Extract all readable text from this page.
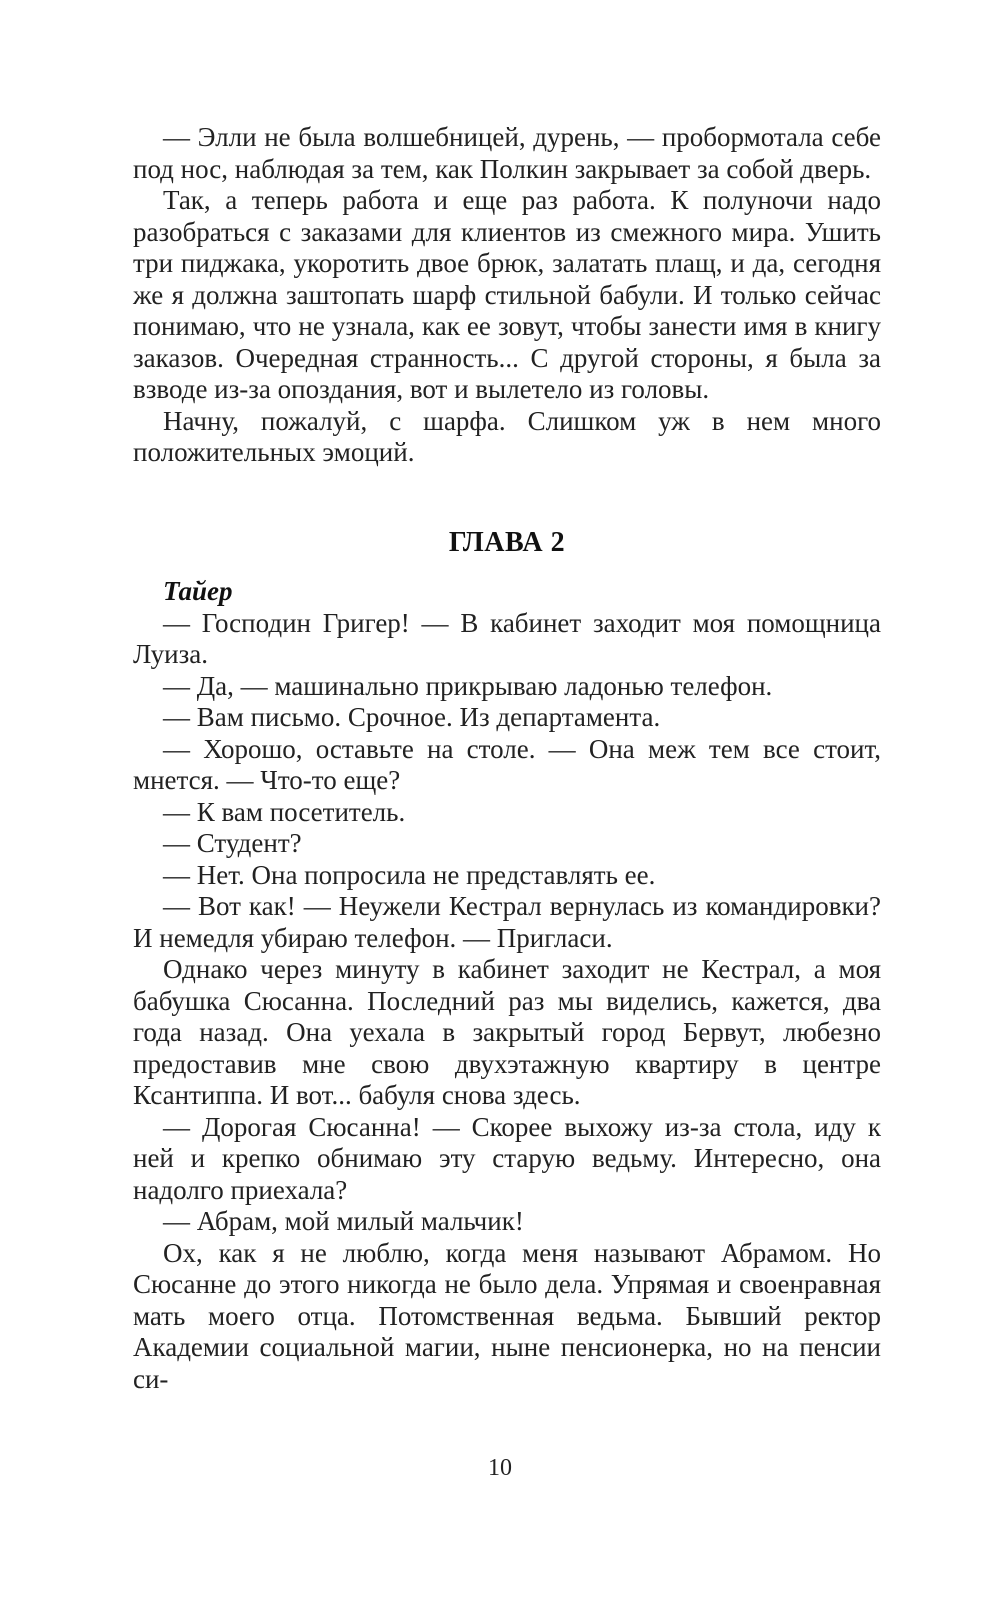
— Элли не была волшебницей, дурень, — пробормотала себе под нос, наблюдая за тем, как Полкин закрывает за собой дверь.

Так, а теперь работа и еще раз работа. К полуночи надо разобраться с заказами для клиентов из смежного мира. Ушить три пиджака, укоротить двое брюк, залатать плащ, и да, сегодня же я должна заштопать шарф стильной бабули. И только сейчас понимаю, что не узнала, как ее зовут, чтобы занести имя в книгу заказов. Очередная странность... С другой стороны, я была за взводе из-за опоздания, вот и вылетело из головы.

Начну, пожалуй, с шарфа. Слишком уж в нем много положительных эмоций.

ГЛАВА 2

Тайер

— Господин Григер! — В кабинет заходит моя помощница Луиза.

— Да, — машинально прикрываю ладонью телефон.

— Вам письмо. Срочное. Из департамента.

— Хорошо, оставьте на столе. — Она меж тем все стоит, мнется. — Что-то еще?

— К вам посетитель.

— Студент?

— Нет. Она попросила не представлять ее.

— Вот как! — Неужели Кестрал вернулась из командировки? И немедля убираю телефон. — Пригласи.

Однако через минуту в кабинет заходит не Кестрал, а моя бабушка Сюсанна. Последний раз мы виделись, кажется, два года назад. Она уехала в закрытый город Бервут, любезно предоставив мне свою двухэтажную квартиру в центре Ксантиппа. И вот... бабуля снова здесь.

— Дорогая Сюсанна! — Скорее выхожу из-за стола, иду к ней и крепко обнимаю эту старую ведьму. Интересно, она надолго приехала?

— Абрам, мой милый мальчик!

Ох, как я не люблю, когда меня называют Абрамом. Но Сюсанне до этого никогда не было дела. Упрямая и своенравная мать моего отца. Потомственная ведьма. Бывший ректор Академии социальной магии, ныне пенсионерка, но на пенсии си-

10
